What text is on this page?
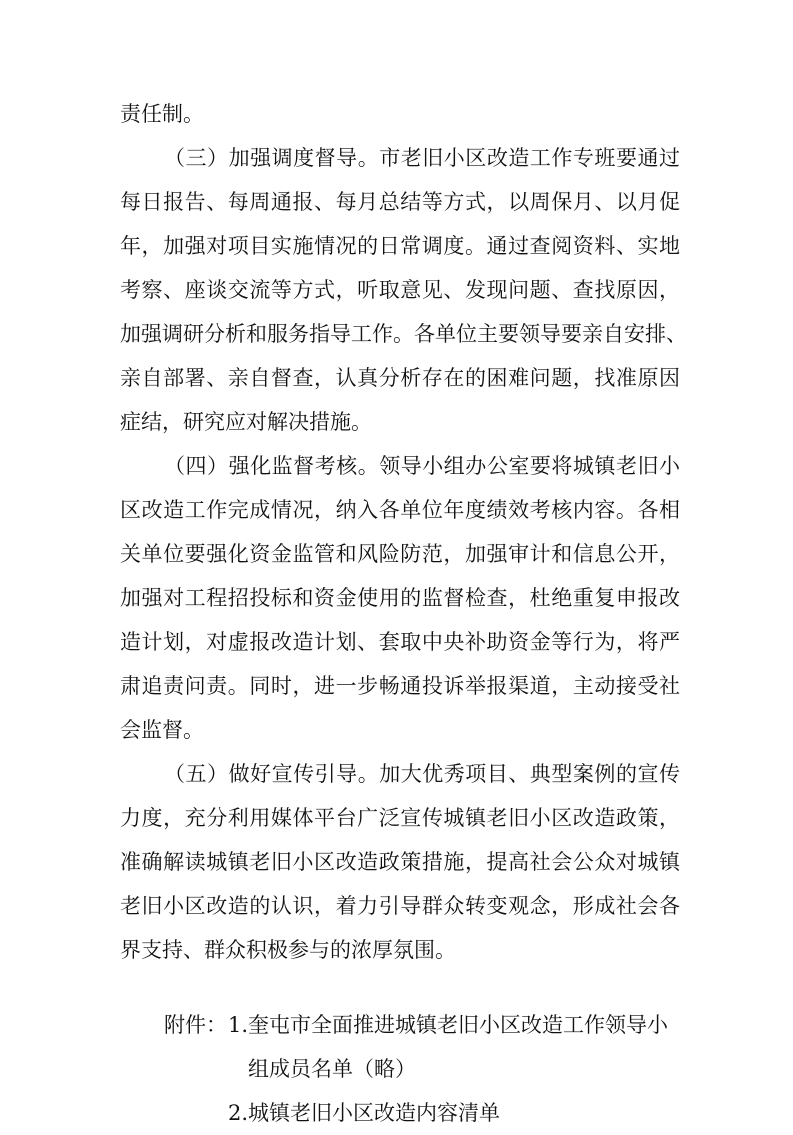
责任制。
（三）加强调度督导。市老旧小区改造工作专班要通过
每日报告、每周通报、每月总结等方式，以周保月、以月促
年，加强对项目实施情况的日常调度。通过查阅资料、实地
考察、座谈交流等方式，听取意见、发现问题、查找原因，
加强调研分析和服务指导工作。各单位主要领导要亲自安排、
亲自部署、亲自督查，认真分析存在的困难问题，找准原因
症结，研究应对解决措施。
（四）强化监督考核。领导小组办公室要将城镇老旧小
区改造工作完成情况，纳入各单位年度绩效考核内容。各相
关单位要强化资金监管和风险防范，加强审计和信息公开，
加强对工程招投标和资金使用的监督检查，杜绝重复申报改
造计划，对虚报改造计划、套取中央补助资金等行为，将严
肃追责问责。同时，进一步畅通投诉举报渠道，主动接受社
会监督。
（五）做好宣传引导。加大优秀项目、典型案例的宣传
力度，充分利用媒体平台广泛宣传城镇老旧小区改造政策，
准确解读城镇老旧小区改造政策措施，提高社会公众对城镇
老旧小区改造的认识，着力引导群众转变观念，形成社会各
界支持、群众积极参与的浓厚氛围。
附件： 1.奎屯市全面推进城镇老旧小区改造工作领导小
组成员名单（略）
2.城镇老旧小区改造内容清单
